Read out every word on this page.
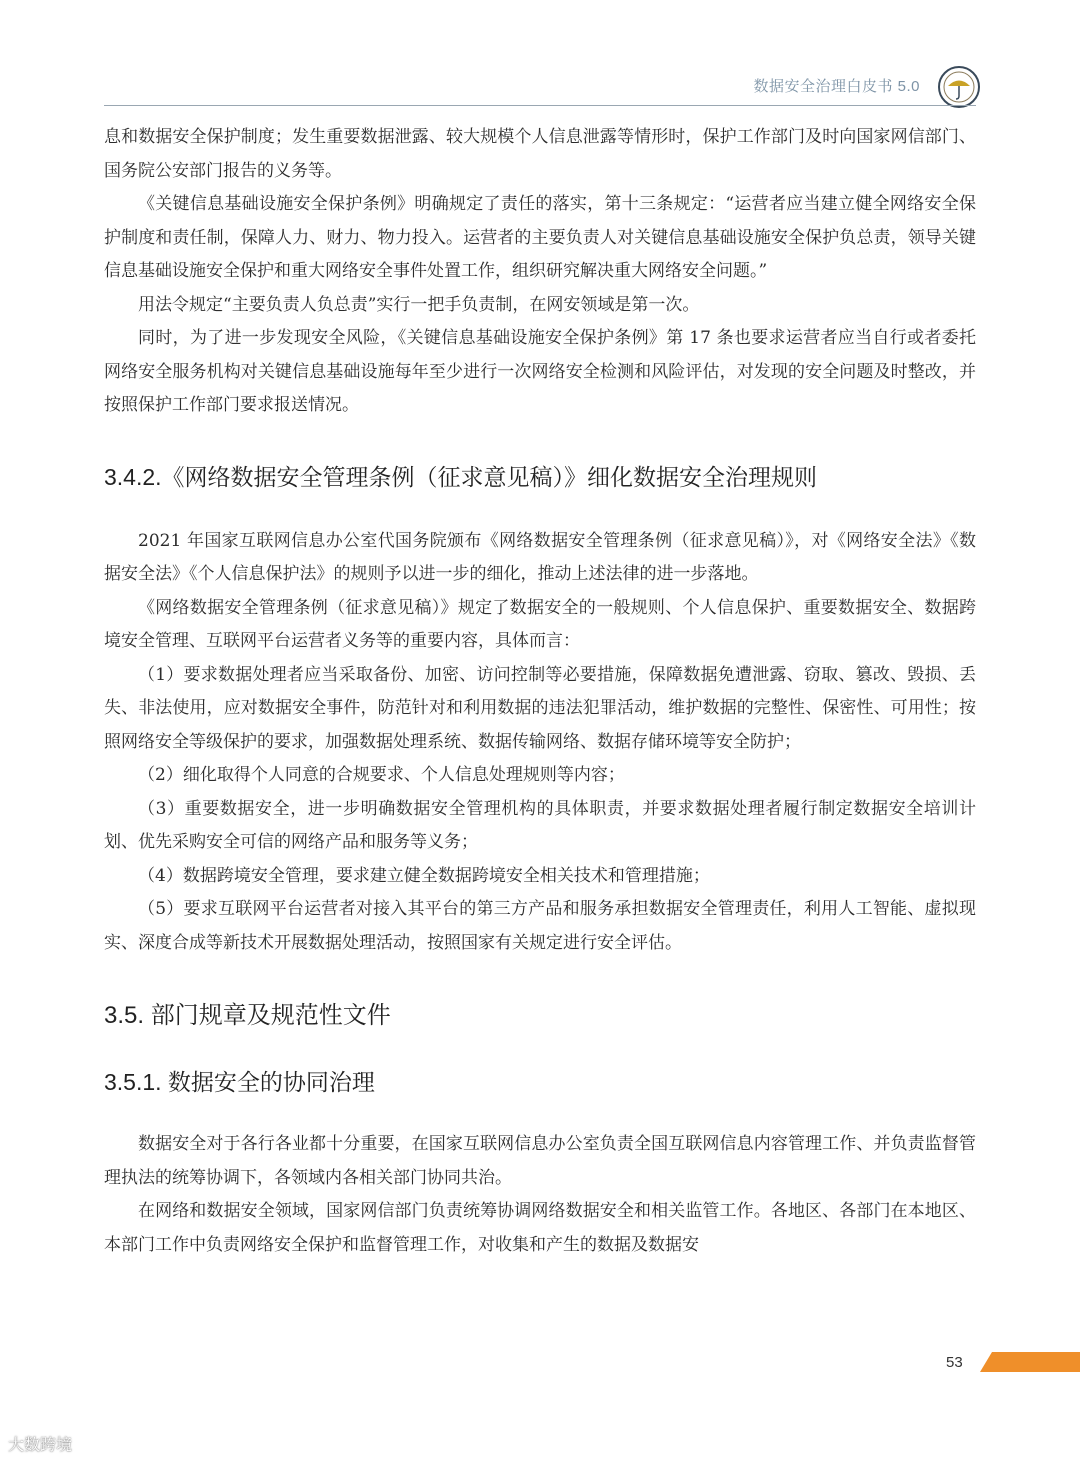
数据安全治理白皮书 5.0

息和数据安全保护制度；发生重要数据泄露、较大规模个人信息泄露等情形时，保护工作部门及时向国家网信部门、国务院公安部门报告的义务等。

《关键信息基础设施安全保护条例》明确规定了责任的落实，第十三条规定：“运营者应当建立健全网络安全保护制度和责任制，保障人力、财力、物力投入。运营者的主要负责人对关键信息基础设施安全保护负总责，领导关键信息基础设施安全保护和重大网络安全事件处置工作，组织研究解决重大网络安全问题。”

用法令规定“主要负责人负总责”实行一把手负责制，在网安领域是第一次。

同时，为了进一步发现安全风险，《关键信息基础设施安全保护条例》第 17 条也要求运营者应当自行或者委托网络安全服务机构对关键信息基础设施每年至少进行一次网络安全检测和风险评估，对发现的安全问题及时整改，并按照保护工作部门要求报送情况。

3.4.2.《网络数据安全管理条例（征求意见稿）》细化数据安全治理规则

2021 年国家互联网信息办公室代国务院颁布《网络数据安全管理条例（征求意见稿）》，对《网络安全法》《数据安全法》《个人信息保护法》的规则予以进一步的细化，推动上述法律的进一步落地。

《网络数据安全管理条例（征求意见稿）》规定了数据安全的一般规则、个人信息保护、重要数据安全、数据跨境安全管理、互联网平台运营者义务等的重要内容，具体而言：

（1）要求数据处理者应当采取备份、加密、访问控制等必要措施，保障数据免遭泄露、窃取、篡改、毁损、丢失、非法使用，应对数据安全事件，防范针对和利用数据的违法犯罪活动，维护数据的完整性、保密性、可用性；按照网络安全等级保护的要求，加强数据处理系统、数据传输网络、数据存储环境等安全防护；

（2）细化取得个人同意的合规要求、个人信息处理规则等内容；

（3）重要数据安全，进一步明确数据安全管理机构的具体职责，并要求数据处理者履行制定数据安全培训计划、优先采购安全可信的网络产品和服务等义务；

（4）数据跨境安全管理，要求建立健全数据跨境安全相关技术和管理措施；

（5）要求互联网平台运营者对接入其平台的第三方产品和服务承担数据安全管理责任，利用人工智能、虚拟现实、深度合成等新技术开展数据处理活动，按照国家有关规定进行安全评估。

3.5. 部门规章及规范性文件
3.5.1. 数据安全的协同治理

数据安全对于各行各业都十分重要，在国家互联网信息办公室负责全国互联网信息内容管理工作、并负责监督管理执法的统筹协调下，各领域内各相关部门协同共治。

在网络和数据安全领域，国家网信部门负责统筹协调网络数据安全和相关监管工作。各地区、各部门在本地区、本部门工作中负责网络安全保护和监督管理工作，对收集和产生的数据及数据安

53
大数跨境
